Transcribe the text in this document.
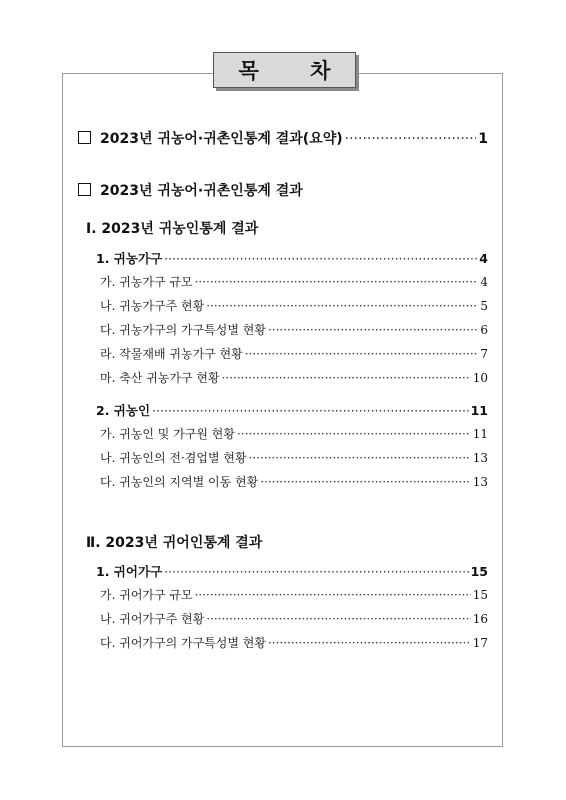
목 차
2023년 귀농어·귀촌인통계 결과(요약) ·····	1
2023년 귀농어·귀촌인통계 결과
Ⅰ. 2023년 귀농인통계 결과
1. 귀농가구 ·····	4
가. 귀농가구 규모 ·····	4
나. 귀농가구주 현황 ·····	5
다. 귀농가구의 가구특성별 현황 ·····	6
라. 작물재배 귀농가구 현황 ·····	7
마. 축산 귀농가구 현황 ·····	10
2. 귀농인 ·····	11
가. 귀농인 및 가구원 현황 ·····	11
나. 귀농인의 전·겸업별 현황 ·····	13
다. 귀농인의 지역별 이동 현황 ·····	13
Ⅱ. 2023년 귀어인통계 결과
1. 귀어가구 ·····	15
가. 귀어가구 규모 ·····	15
나. 귀어가구주 현황 ·····	16
다. 귀어가구의 가구특성별 현황 ·····	17
